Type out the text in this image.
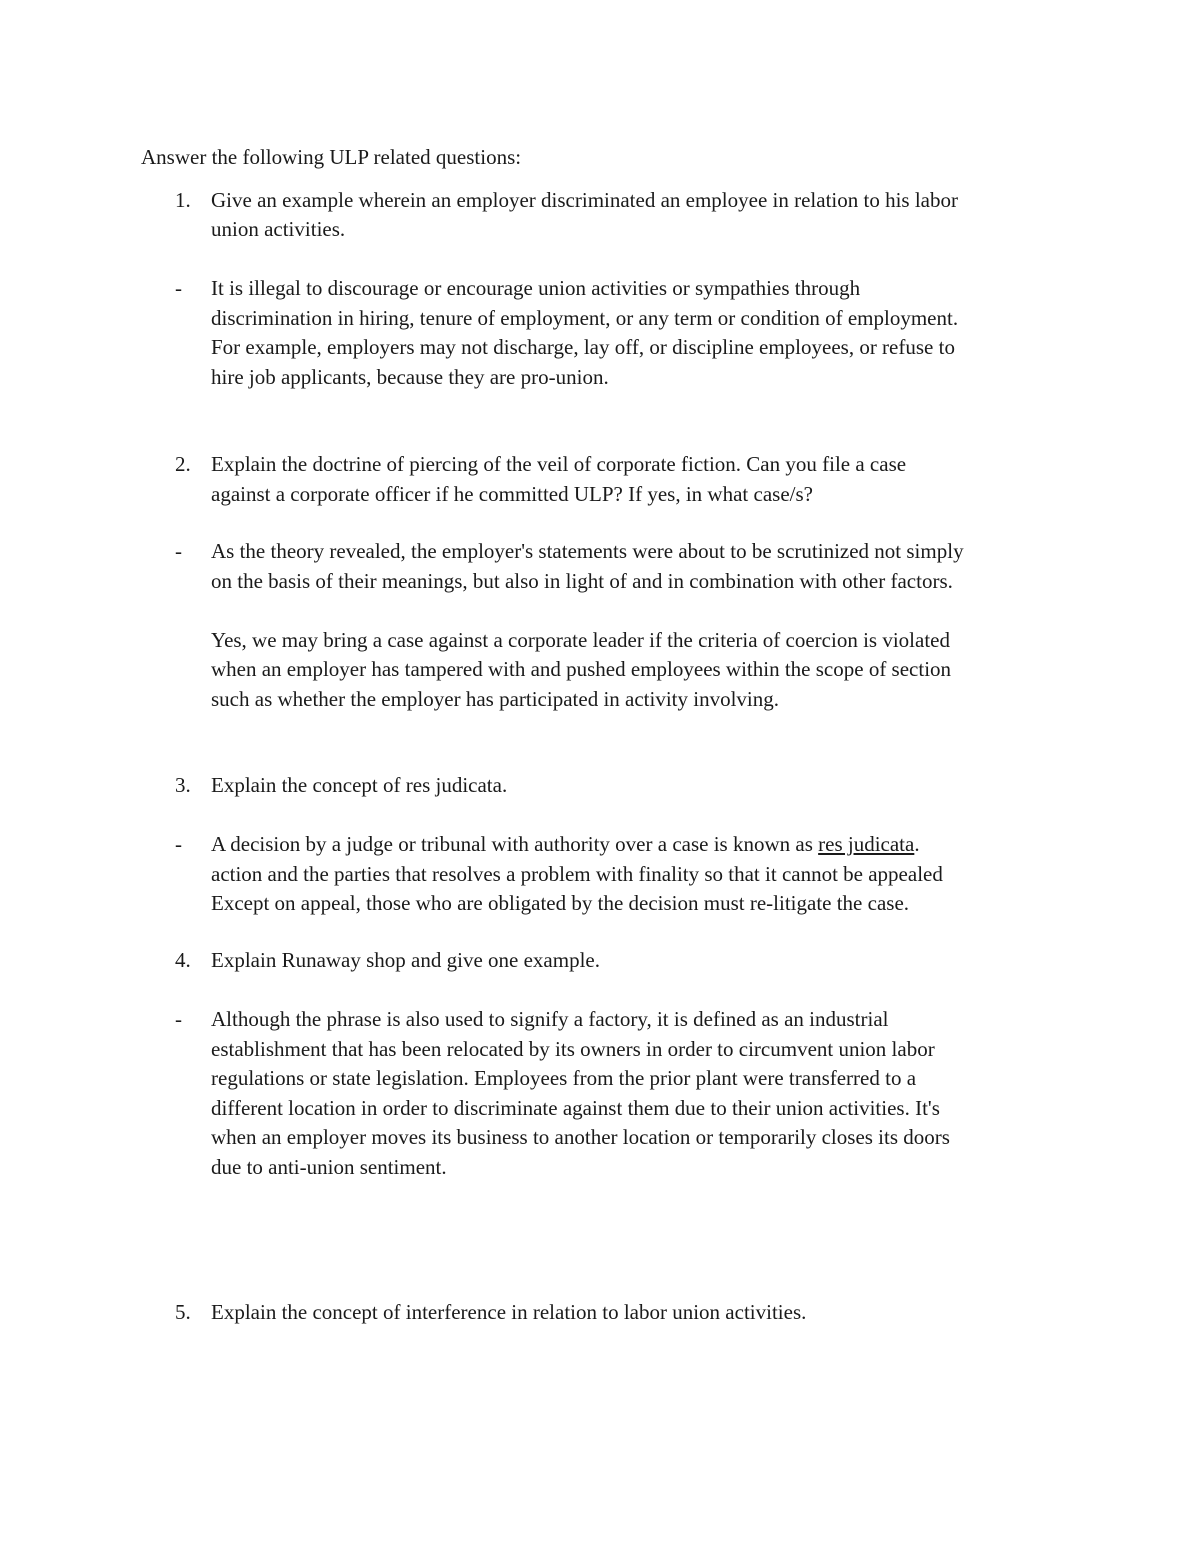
Answer the following ULP related questions:
1. Give an example wherein an employer discriminated an employee in relation to his labor
union activities.
- It is illegal to discourage or encourage union activities or sympathies through
discrimination in hiring, tenure of employment, or any term or condition of employment.
For example, employers may not discharge, lay off, or discipline employees, or refuse to
hire job applicants, because they are pro-union.
2. Explain the doctrine of piercing of the veil of corporate fiction. Can you file a case
against a corporate officer if he committed ULP? If yes, in what case/s?
- As the theory revealed, the employer's statements were about to be scrutinized not simply
on the basis of their meanings, but also in light of and in combination with other factors.
Yes, we may bring a case against a corporate leader if the criteria of coercion is violated
when an employer has tampered with and pushed employees within the scope of section
such as whether the employer has participated in activity involving.
3. Explain the concept of res judicata.
- A decision by a judge or tribunal with authority over a case is known as res judicata.
action and the parties that resolves a problem with finality so that it cannot be appealed
Except on appeal, those who are obligated by the decision must re-litigate the case.
4. Explain Runaway shop and give one example.
- Although the phrase is also used to signify a factory, it is defined as an industrial
establishment that has been relocated by its owners in order to circumvent union labor
regulations or state legislation. Employees from the prior plant were transferred to a
different location in order to discriminate against them due to their union activities. It's
when an employer moves its business to another location or temporarily closes its doors
due to anti-union sentiment.
5. Explain the concept of interference in relation to labor union activities.
